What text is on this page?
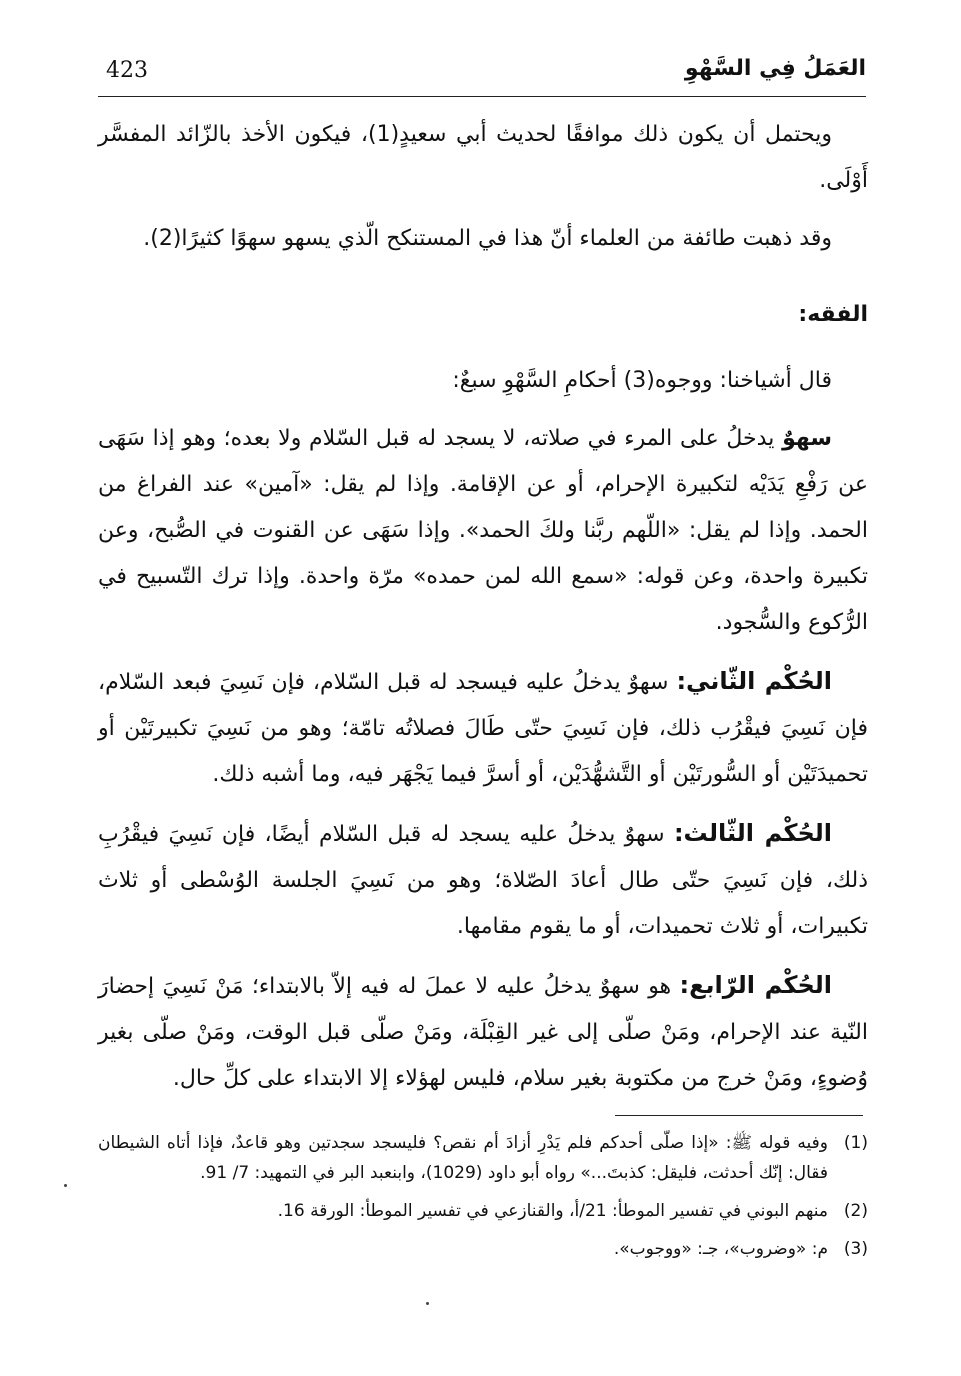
423	العَمَلُ فِي السَّهْوِ

ويحتمل أن يكون ذلك موافقًا لحديث أبي سعيدٍ(1)، فيكون الأخذ بالزّائد المفسَّر أَوْلَى.

وقد ذهبت طائفة من العلماء أنّ هذا في المستنكح الّذي يسهو سهوًا كثيرًا(2).

الفقه:

قال أشياخنا: ووجوه(3) أحكامِ السَّهْوِ سبعٌ:

سهوٌ يدخلُ على المرء في صلاته، لا يسجد له قبل السّلام ولا بعده؛ وهو إذا سَهَى عن رَفْعِ يَدَيْه لتكبيرة الإحرام، أو عن الإقامة. وإذا لم يقل: «آمين» عند الفراغ من الحمد. وإذا لم يقل: «اللّهم ربَّنا ولكَ الحمد». وإذا سَهَى عن القنوت في الصُّبح، وعن تكبيرة واحدة، وعن قوله: «سمع الله لمن حمده» مرّة واحدة. وإذا ترك التّسبيح في الرُّكوع والسُّجود.

الحُكْم الثّاني: سهوٌ يدخلُ عليه فيسجد له قبل السّلام، فإن نَسِيَ فبعد السّلام، فإن نَسِيَ فيقْرُب ذلك، فإن نَسِيَ حتّى طَالَ فصلاتُه تامّة؛ وهو من نَسِيَ تكبيرتَيْن أو تحميدَتَيْن أو السُّورتَيْن أو التَّشهُّدَيْن، أو أسرَّ فيما يَجْهَر فيه، وما أشبه ذلك.

الحُكْم الثّالث: سهوٌ يدخلُ عليه يسجد له قبل السّلام أيضًا، فإن نَسِيَ فيقْرُبِ ذلك، فإن نَسِيَ حتّى طال أعادَ الصّلاة؛ وهو من نَسِيَ الجلسة الوُسْطى أو ثلاث تكبيرات، أو ثلاث تحميدات، أو ما يقوم مقامها.

الحُكْم الرّابع: هو سهوٌ يدخلُ عليه لا عملَ له فيه إلاّ بالابتداء؛ مَنْ نَسِيَ إحضارَ النّية عند الإحرام، ومَنْ صلّى إلى غير القِبْلَة، ومَنْ صلّى قبل الوقت، ومَنْ صلّى بغير وُضوءٍ، ومَنْ خرج من مكتوبة بغير سلام، فليس لهؤلاء إلا الابتداء على كلِّ حال.

(1)
وفيه قوله ﷺ: «إذا صلّى أحدكم فلم يَدْرِ أزادَ أم نقص؟ فليسجد سجدتين وهو قاعدٌ، فإذا أتاه الشيطان فقال: إنّك أحدثت، فليقل: كذبتَ...» رواه أبو داود (1029)، وابنعبد البر في التمهيد: 7/ 91.
(2)
منهم البوني في تفسير الموطأ: 21/أ، والقنازعي في تفسير الموطأ: الورقة 16.
(3)
م: «وضروب»، جـ: «ووجوب».
